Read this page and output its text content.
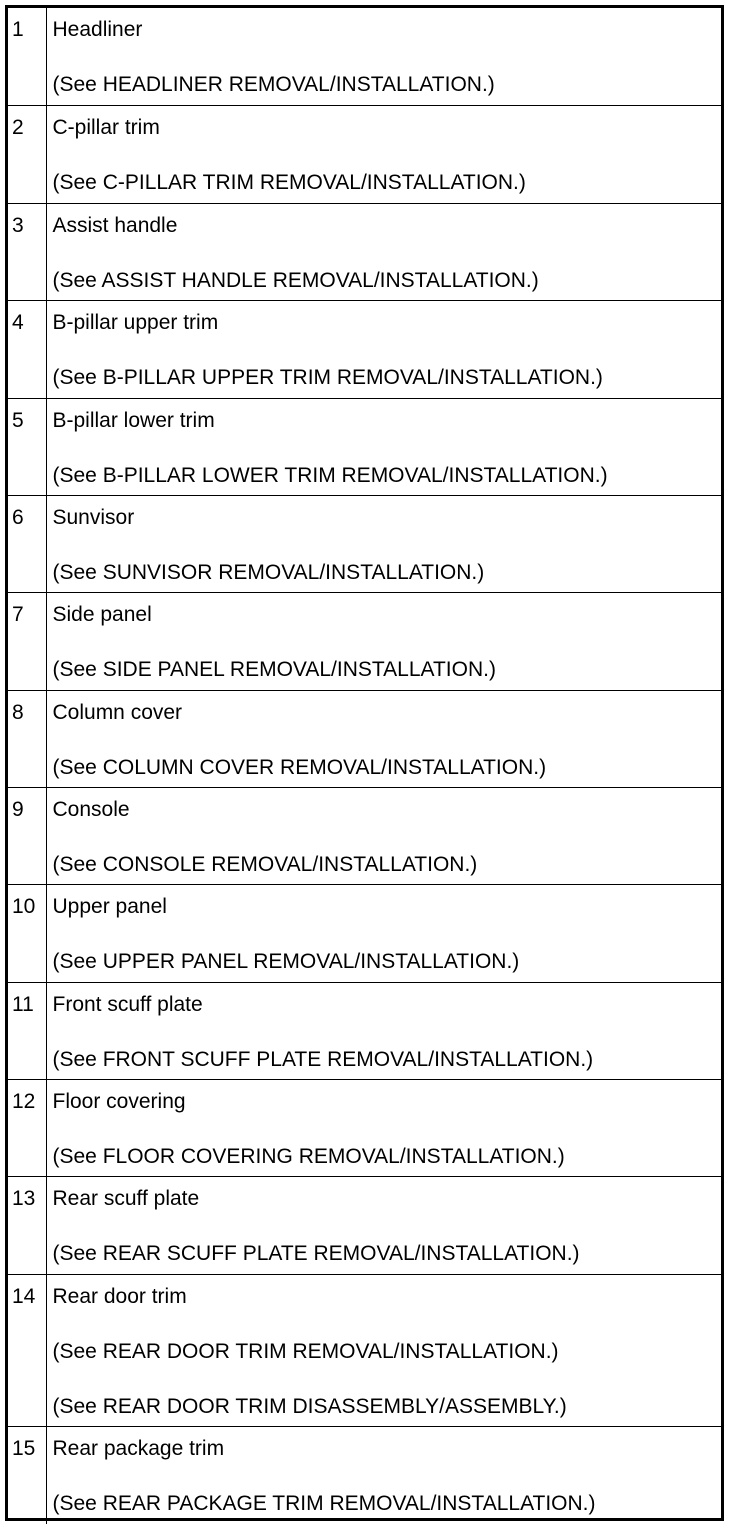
1	Headliner
(See HEADLINER REMOVAL/INSTALLATION.)

2	C-pillar trim
(See C-PILLAR TRIM REMOVAL/INSTALLATION.)

3	Assist handle
(See ASSIST HANDLE REMOVAL/INSTALLATION.)

4	B-pillar upper trim
(See B-PILLAR UPPER TRIM REMOVAL/INSTALLATION.)

5	B-pillar lower trim
(See B-PILLAR LOWER TRIM REMOVAL/INSTALLATION.)

6	Sunvisor
(See SUNVISOR REMOVAL/INSTALLATION.)

7	Side panel
(See SIDE PANEL REMOVAL/INSTALLATION.)

8	Column cover
(See COLUMN COVER REMOVAL/INSTALLATION.)

9	Console
(See CONSOLE REMOVAL/INSTALLATION.)

10	Upper panel
(See UPPER PANEL REMOVAL/INSTALLATION.)

11	Front scuff plate
(See FRONT SCUFF PLATE REMOVAL/INSTALLATION.)

12	Floor covering
(See FLOOR COVERING REMOVAL/INSTALLATION.)

13	Rear scuff plate
(See REAR SCUFF PLATE REMOVAL/INSTALLATION.)

14	Rear door trim
(See REAR DOOR TRIM REMOVAL/INSTALLATION.)
(See REAR DOOR TRIM DISASSEMBLY/ASSEMBLY.)

15	Rear package trim
(See REAR PACKAGE TRIM REMOVAL/INSTALLATION.)
